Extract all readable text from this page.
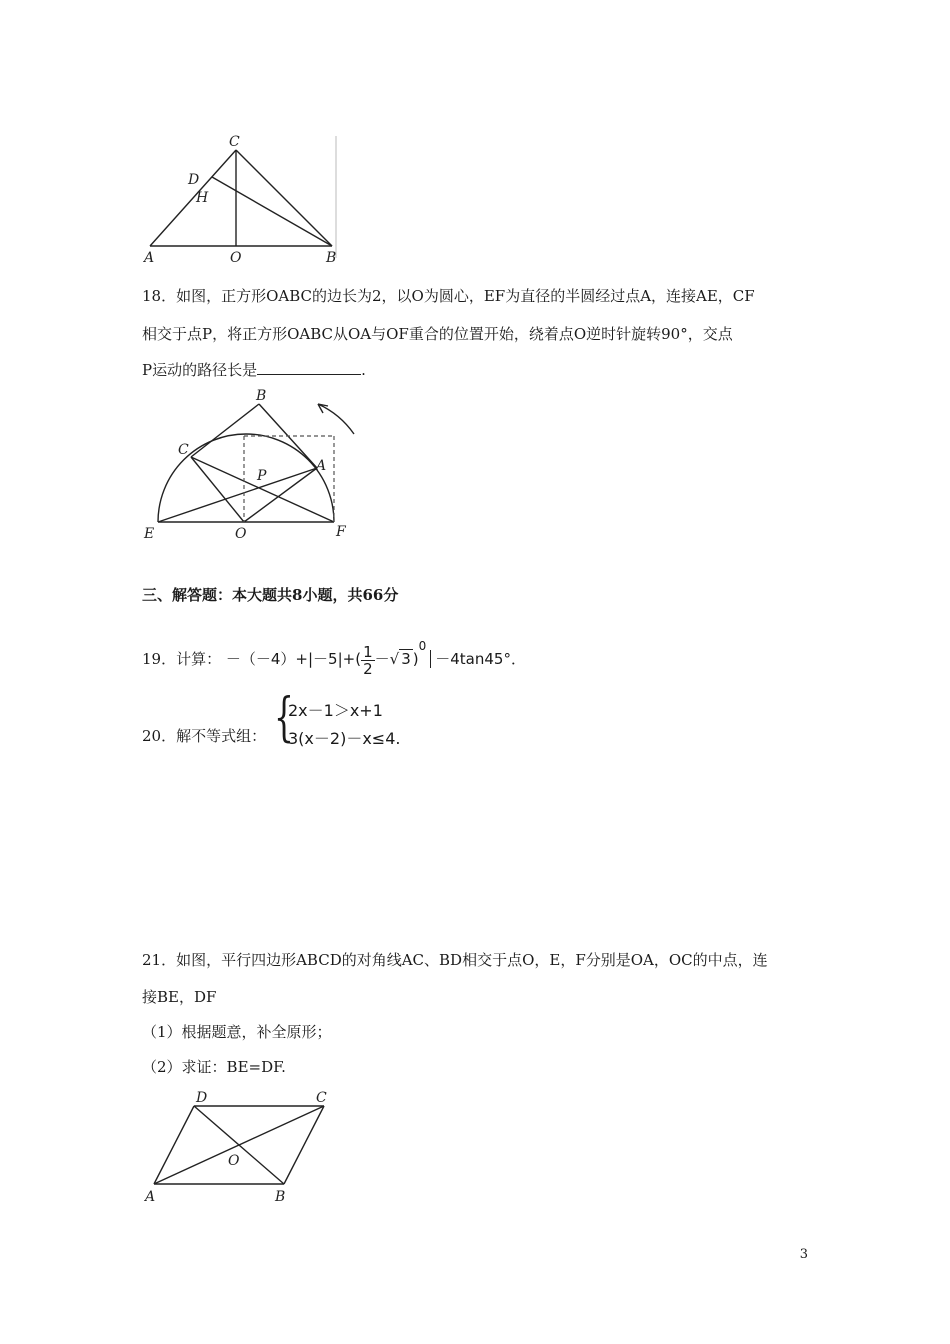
C
D
H
A	O	B
18．如图，正方形OABC的边长为2，以O为圆心，EF为直径的半圆经过点A，连接AE，CF
相交于点P，将正方形OABC从OA与OF重合的位置开始，绕着点O逆时针旋转90°，交点
P运动的路径长是	.
B
C
P
A
E	O	F
三、解答题：本大题共8小题，共66分
19．计算： $-(-4)+|-5|+( \frac{1}{2}$ －√ 3 )$^0$－4tan45°．
20．解不等式组： {
2x－1＞x+1
3(x－2)－x≤4.
21．如图，平行四边形ABCD的对角线AC、BD相交于点O，E，F分别是OA，OC的中点，连
接BE，DF
（1）根据题意，补全原形；
（2）求证：BE=DF.
D	C
O
A	B
3
